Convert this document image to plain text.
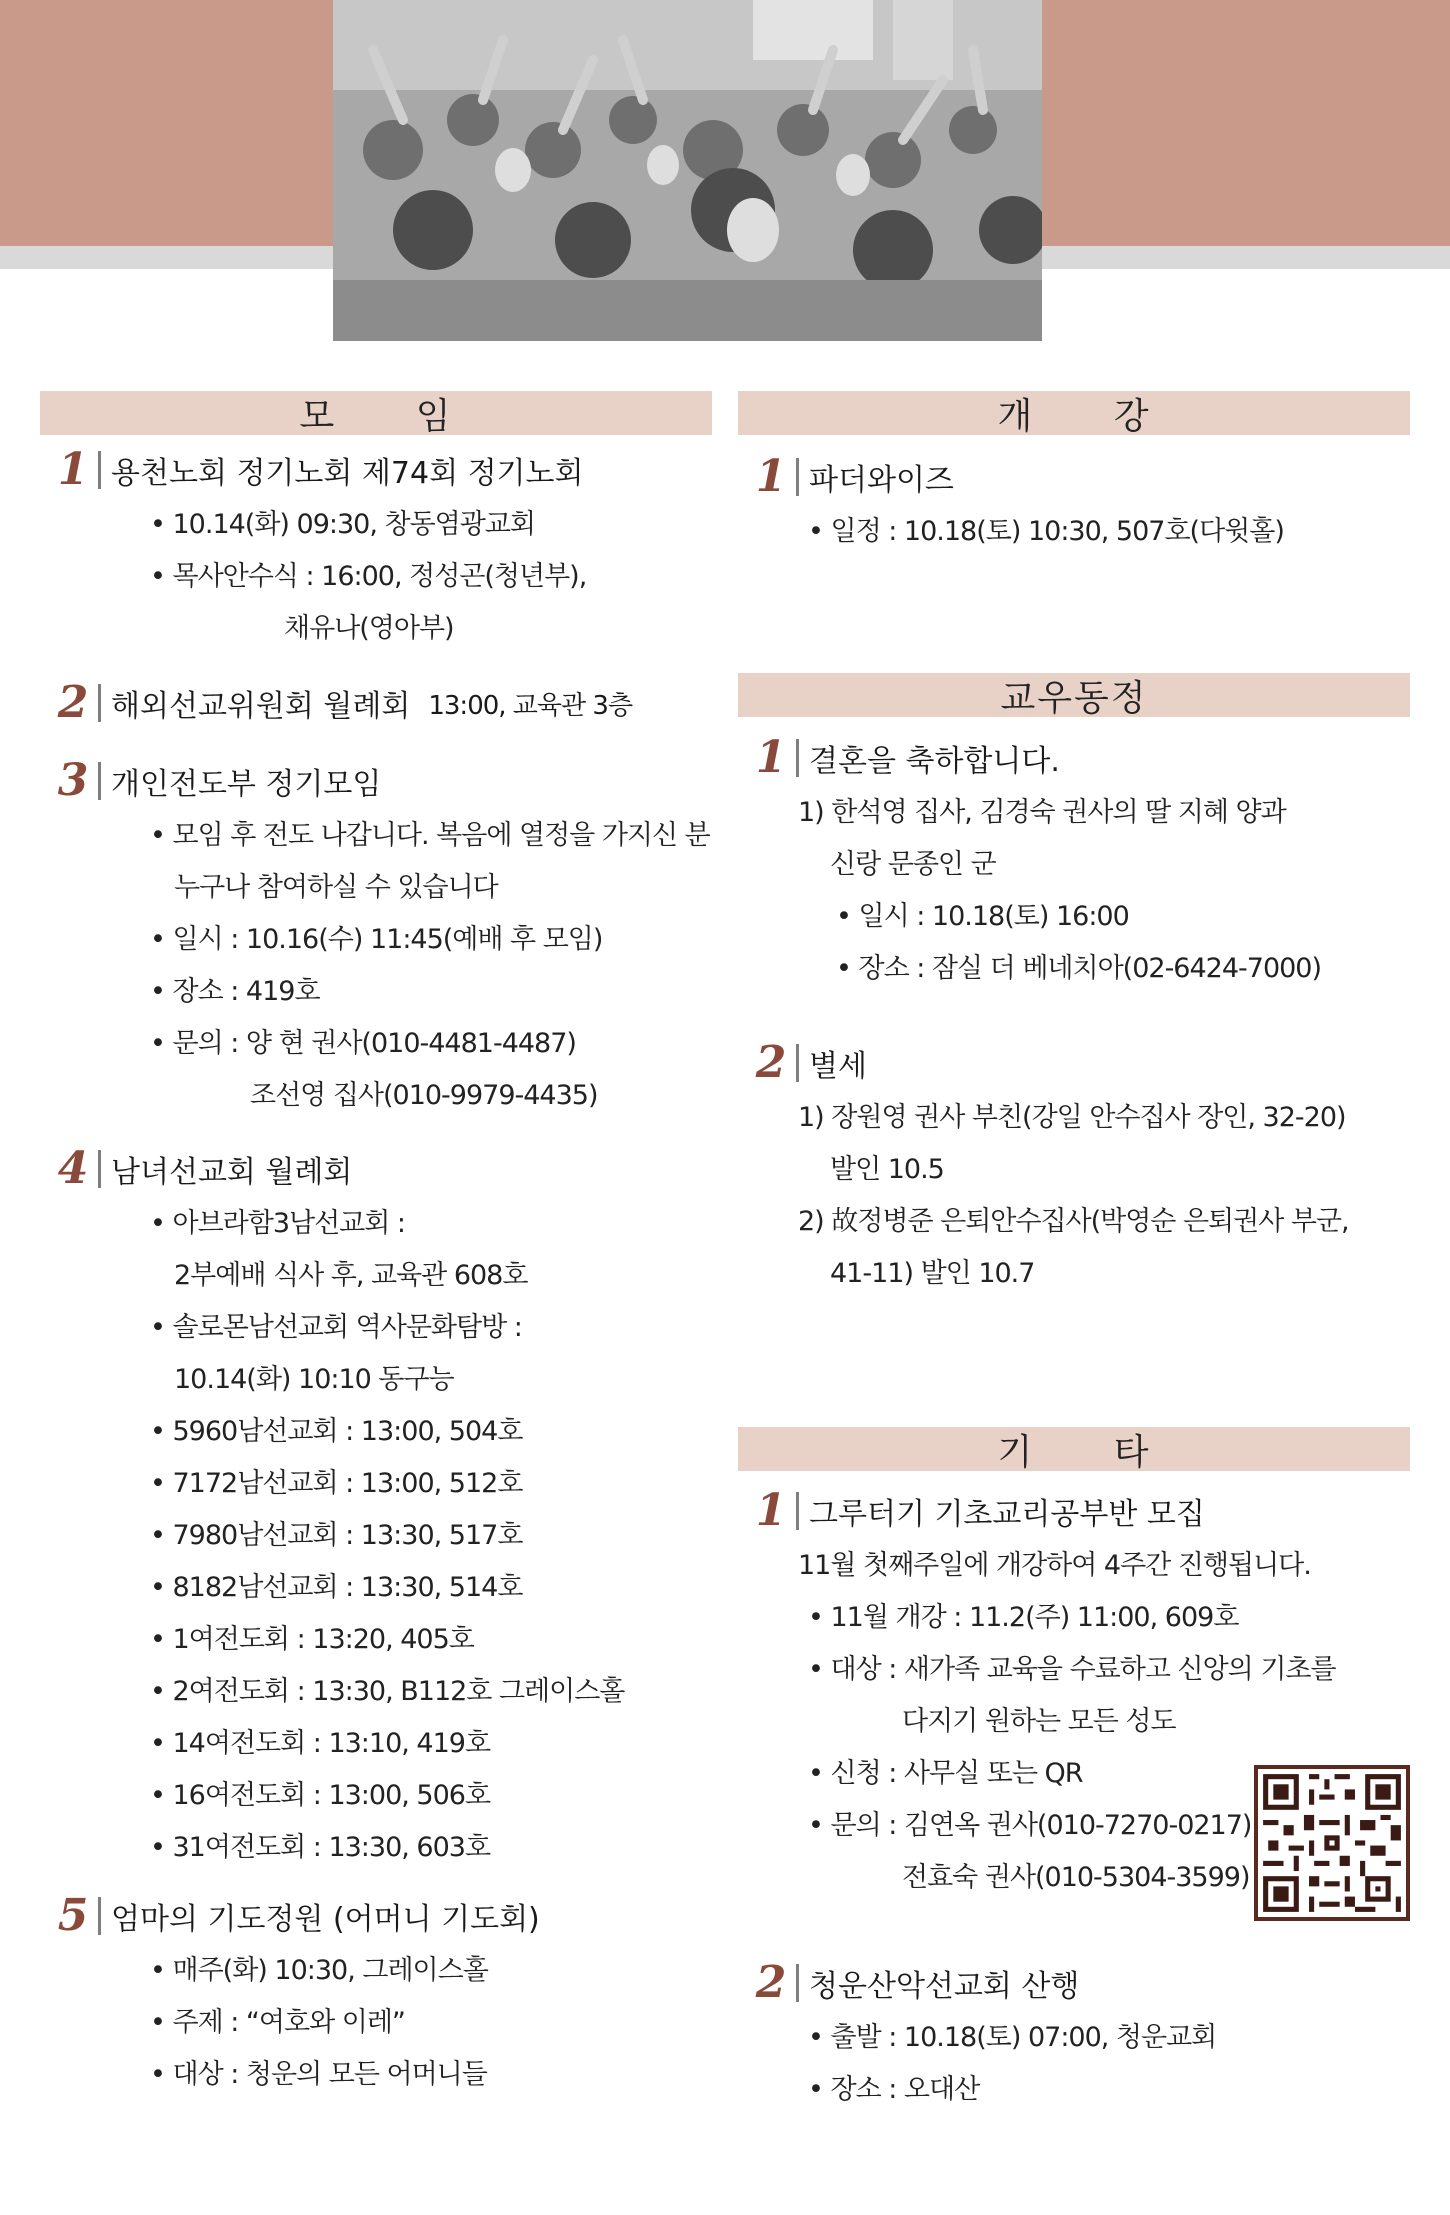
모 임
1 용천노회 정기노회 제74회 정기노회
• 10.14(화) 09:30, 창동염광교회
• 목사안수식 : 16:00, 정성곤(청년부),
채유나(영아부)
2 해외선교위원회 월례회 13:00, 교육관 3층
3 개인전도부 정기모임
• 모임 후 전도 나갑니다. 복음에 열정을 가지신 분
누구나 참여하실 수 있습니다
• 일시 : 10.16(수) 11:45(예배 후 모임)
• 장소 : 419호
• 문의 : 양 현 권사(010-4481-4487)
조선영 집사(010-9979-4435)
4 남녀선교회 월례회
• 아브라함3남선교회 :
2부예배 식사 후, 교육관 608호
• 솔로몬남선교회 역사문화탐방 :
10.14(화) 10:10 동구능
• 5960남선교회 : 13:00, 504호
• 7172남선교회 : 13:00, 512호
• 7980남선교회 : 13:30, 517호
• 8182남선교회 : 13:30, 514호
• 1여전도회 : 13:20, 405호
• 2여전도회 : 13:30, B112호 그레이스홀
• 14여전도회 : 13:10, 419호
• 16여전도회 : 13:00, 506호
• 31여전도회 : 13:30, 603호
5 엄마의 기도정원 (어머니 기도회)
• 매주(화) 10:30, 그레이스홀
• 주제 : “여호와 이레”
• 대상 : 청운의 모든 어머니들
개 강
1 파더와이즈
• 일정 : 10.18(토) 10:30, 507호(다윗홀)
교우동정
1 결혼을 축하합니다.
1) 한석영 집사, 김경숙 권사의 딸 지혜 양과
신랑 문종인 군
• 일시 : 10.18(토) 16:00
• 장소 : 잠실 더 베네치아(02-6424-7000)
2 별세
1) 장원영 권사 부친(강일 안수집사 장인, 32-20)
발인 10.5
2) 故정병준 은퇴안수집사(박영순 은퇴권사 부군,
41-11) 발인 10.7
기 타
1 그루터기 기초교리공부반 모집
11월 첫째주일에 개강하여 4주간 진행됩니다.
• 11월 개강 : 11.2(주) 11:00, 609호
• 대상 : 새가족 교육을 수료하고 신앙의 기초를
다지기 원하는 모든 성도
• 신청 : 사무실 또는 QR
• 문의 : 김연옥 권사(010-7270-0217)
전효숙 권사(010-5304-3599)
2 청운산악선교회 산행
• 출발 : 10.18(토) 07:00, 청운교회
• 장소 : 오대산
